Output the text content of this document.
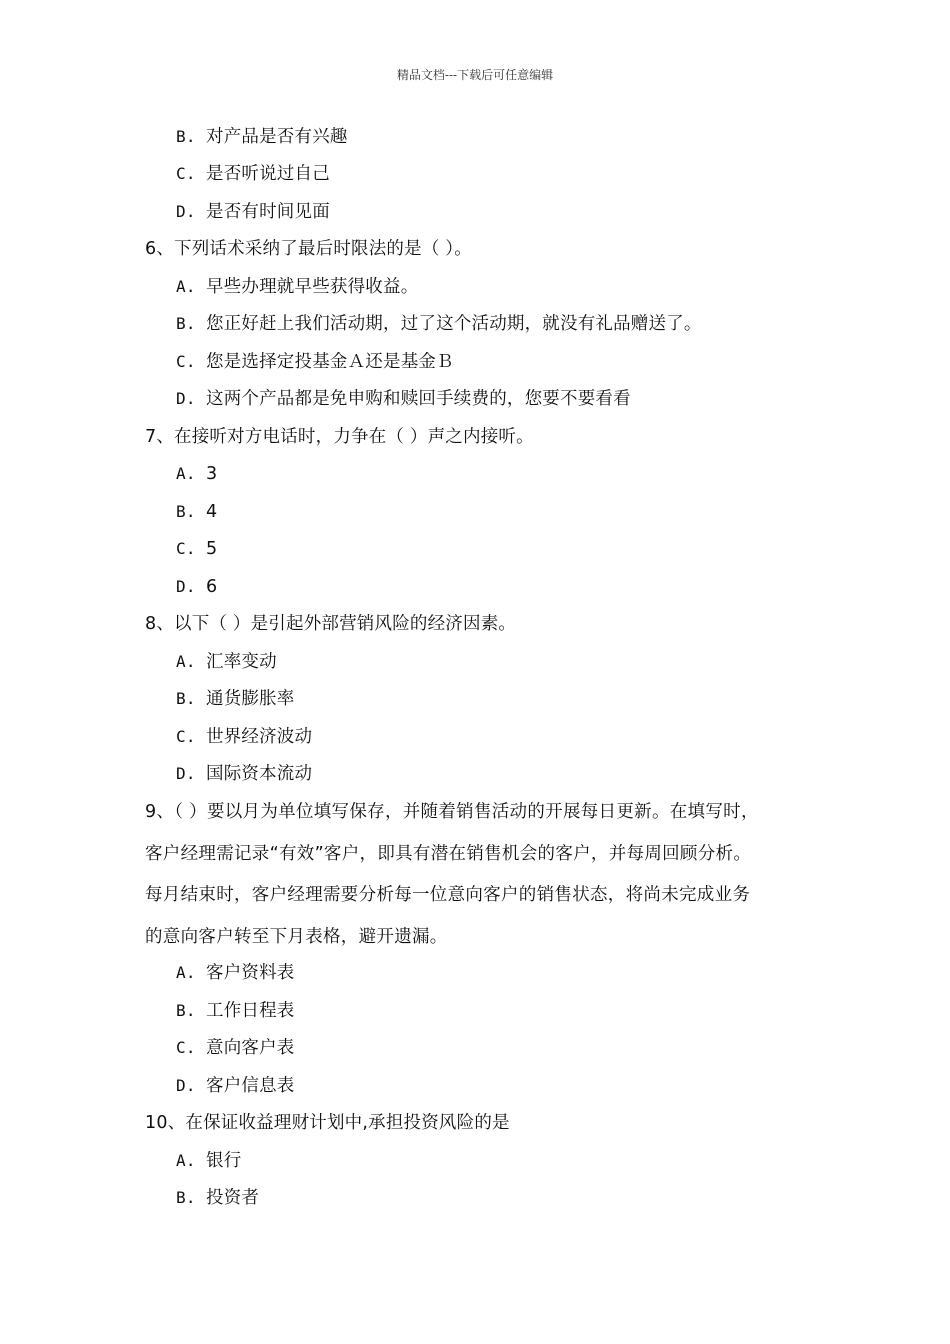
精品文档---下载后可任意编辑
B. 对产品是否有兴趣
C. 是否听说过自己
D. 是否有时间见面
6、下列话术采纳了最后时限法的是（ ）。
A. 早些办理就早些获得收益。
B. 您正好赶上我们活动期，过了这个活动期，就没有礼品赠送了。
C. 您是选择定投基金Ａ还是基金Ｂ
D. 这两个产品都是免申购和赎回手续费的，您要不要看看
7、在接听对方电话时，力争在（ ）声之内接听。
A. 3
B. 4
C. 5
D. 6
8、以下（ ）是引起外部营销风险的经济因素。
A. 汇率变动
B. 通货膨胀率
C. 世界经济波动
D. 国际资本流动
9、（ ）要以月为单位填写保存，并随着销售活动的开展每日更新。在填写时，
客户经理需记录“有效”客户，即具有潜在销售机会的客户，并每周回顾分析。
每月结束时，客户经理需要分析每一位意向客户的销售状态，将尚未完成业务
的意向客户转至下月表格，避开遗漏。
A. 客户资料表
B. 工作日程表
C. 意向客户表
D. 客户信息表
10、在保证收益理财计划中,承担投资风险的是
A. 银行
B. 投资者
